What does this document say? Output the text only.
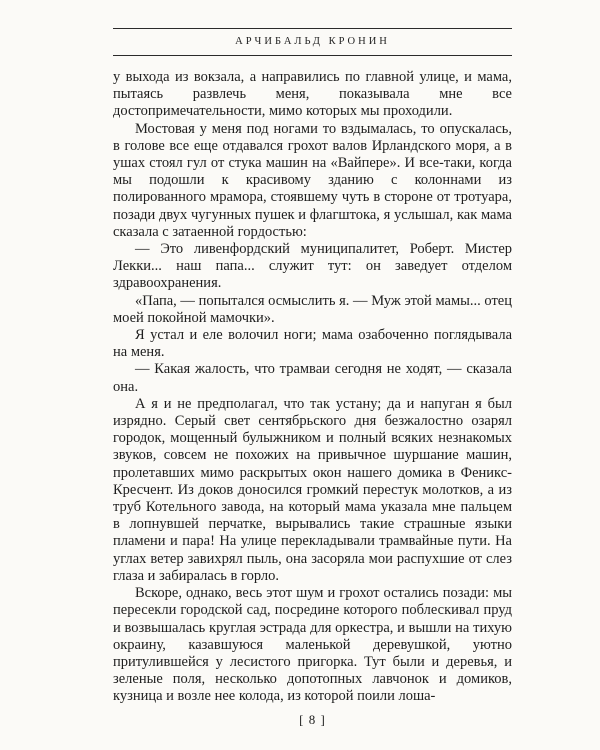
АРЧИБАЛЬД КРОНИН

у выхода из вокзала, а направились по главной улице, и мама, пытаясь развлечь меня, показывала мне все достопримечательности, мимо которых мы проходили.

Мостовая у меня под ногами то вздымалась, то опускалась, в голове все еще отдавался грохот валов Ирландского моря, а в ушах стоял гул от стука машин на «Вайпере». И все-таки, когда мы подошли к красивому зданию с колоннами из полированного мрамора, стоявшему чуть в стороне от тротуара, позади двух чугунных пушек и флагштока, я услышал, как мама сказала с затаенной гордостью:

— Это ливенфордский муниципалитет, Роберт. Мистер Лекки... наш папа... служит тут: он заведует отделом здравоохранения.

«Папа, — попытался осмыслить я. — Муж этой мамы... отец моей покойной мамочки».

Я устал и еле волочил ноги; мама озабоченно поглядывала на меня.

— Какая жалость, что трамваи сегодня не ходят, — сказала она.

А я и не предполагал, что так устану; да и напуган я был изрядно. Серый свет сентябрьского дня безжалостно озарял городок, мощенный булыжником и полный всяких незнакомых звуков, совсем не похожих на привычное шуршание машин, пролетавших мимо раскрытых окон нашего домика в Феникс-Кресчент. Из доков доносился громкий перестук молотков, а из труб Котельного завода, на который мама указала мне пальцем в лопнувшей перчатке, вырывались такие страшные языки пламени и пара! На улице перекладывали трамвайные пути. На углах ветер завихрял пыль, она засоряла мои распухшие от слез глаза и забиралась в горло.

Вскоре, однако, весь этот шум и грохот остались позади: мы пересекли городской сад, посредине которого поблескивал пруд и возвышалась круглая эстрада для оркестра, и вышли на тихую окраину, казавшуюся маленькой деревушкой, уютно притулившейся у лесистого пригорка. Тут были и деревья, и зеленые поля, несколько допотопных лавчонок и домиков, кузница и возле нее колода, из которой поили лоша-

[ 8 ]
